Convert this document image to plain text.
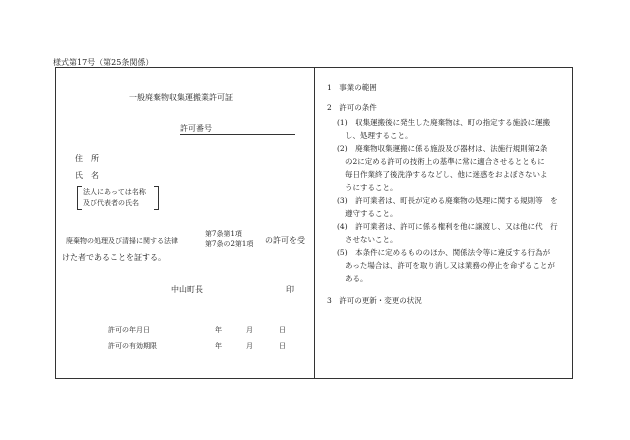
様式第17号（第25条関係）
一般廃棄物収集運搬業許可証
許可番号
住　所
氏　名
法人にあっては名称
及び代表者の氏名
廃棄物の処理及び清掃に関する法律
第7条第1項
第7条の2第1項 の許可を受
けた者であることを証する。
中山町長	印
許可の年月日	年	月	日
許可の有効期限	年	月	日
1　事業の範囲
2　許可の条件
(1)　収集運搬後に発生した廃棄物は、町の指定する施設に運搬
し、処理すること。
(2)　廃棄物収集運搬に係る施設及び器材は、法施行規則第2条
の2に定める許可の技術上の基準に常に適合させるとともに
毎日作業終了後洗浄するなどし、他に迷惑をおよぼさないよ
うにすること。
(3)　許可業者は、町長が定める廃棄物の処理に関する規則等　を
遵守すること。
(4)　許可業者は、許可に係る権利を他に譲渡し、又は他に代　行
させないこと。
(5)　本条件に定めるもののほか、関係法令等に違反する行為が
あった場合は、許可を取り消し又は業務の停止を命ずることが
ある。
3　許可の更新・変更の状況
